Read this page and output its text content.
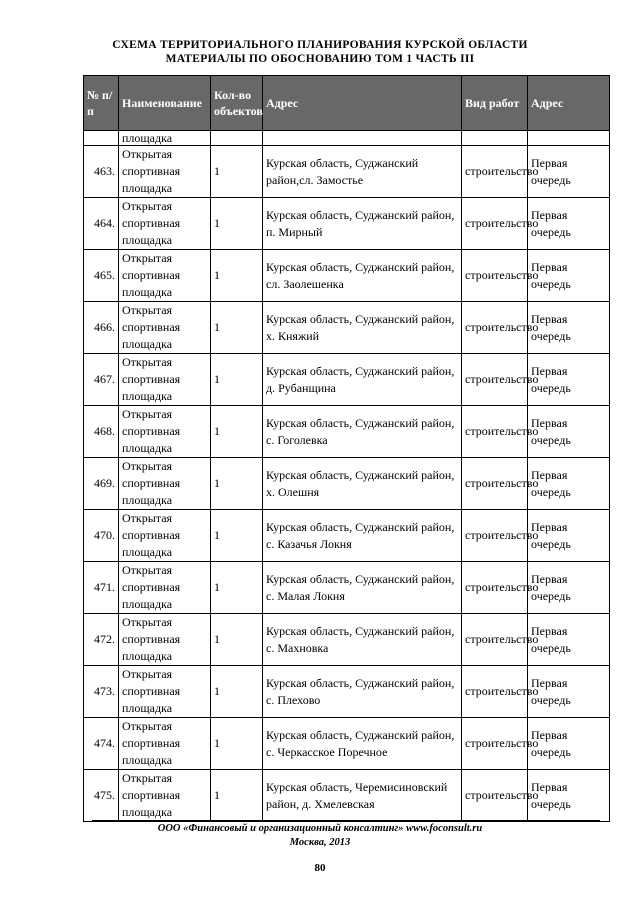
СХЕМА ТЕРРИТОРИАЛЬНОГО ПЛАНИРОВАНИЯ КУРСКОЙ ОБЛАСТИ
МАТЕРИАЛЫ ПО ОБОСНОВАНИЮ ТОМ 1 ЧАСТЬ III
№ п/п	Наименование	Кол-во объектов	Адрес	Вид работ	Адрес
	площадка				
463.	Открытая спортивная площадка	1	Курская область, Суджанский район,сл. Замостье	строительство	Первая очередь
464.	Открытая спортивная площадка	1	Курская область, Суджанский район, п. Мирный	строительство	Первая очередь
465.	Открытая спортивная площадка	1	Курская область, Суджанский район, сл. Заолешенка	строительство	Первая очередь
466.	Открытая спортивная площадка	1	Курская область, Суджанский район, х. Княжий	строительство	Первая очередь
467.	Открытая спортивная площадка	1	Курская область, Суджанский район, д. Рубанщина	строительство	Первая очередь
468.	Открытая спортивная площадка	1	Курская область, Суджанский район, с. Гоголевка	строительство	Первая очередь
469.	Открытая спортивная площадка	1	Курская область, Суджанский район, х. Олешня	строительство	Первая очередь
470.	Открытая спортивная площадка	1	Курская область, Суджанский район, с. Казачья Локня	строительство	Первая очередь
471.	Открытая спортивная площадка	1	Курская область, Суджанский район, с. Малая Локня	строительство	Первая очередь
472.	Открытая спортивная площадка	1	Курская область, Суджанский район, с. Махновка	строительство	Первая очередь
473.	Открытая спортивная площадка	1	Курская область, Суджанский район, с. Плехово	строительство	Первая очередь
474.	Открытая спортивная площадка	1	Курская область, Суджанский район, с. Черкасское Поречное	строительство	Первая очередь
475.	Открытая спортивная площадка	1	Курская область, Черемисиновский район, д. Хмелевская	строительство	Первая очередь
ООО «Финансовый и организационный консалтинг» www.foconsult.ru
Москва, 2013
80
